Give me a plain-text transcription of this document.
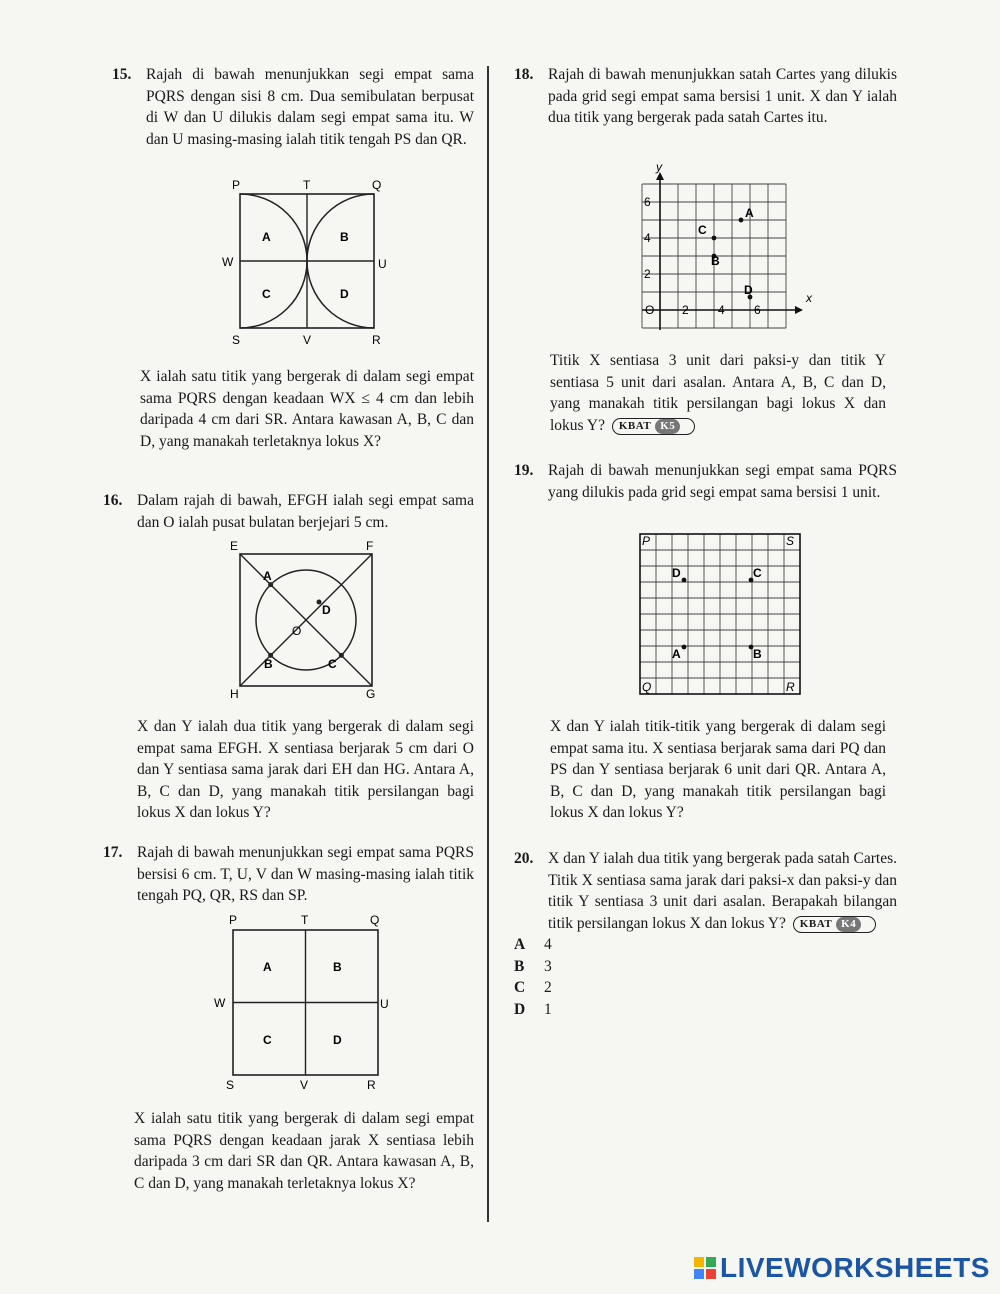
15. Rajah di bawah menunjukkan segi empat sama PQRS dengan sisi 8 cm. Dua semibulatan berpusat di W dan U dilukis dalam segi empat sama itu. W dan U masing-masing ialah titik tengah PS dan QR.
P	T	Q
W	U
S	V	R
A	B
C	D
X ialah satu titik yang bergerak di dalam segi empat sama PQRS dengan keadaan WX ≤ 4 cm dan lebih daripada 4 cm dari SR. Antara kawasan A, B, C dan D, yang manakah terletaknya lokus X?
16. Dalam rajah di bawah, EFGH ialah segi empat sama dan O ialah pusat bulatan berjejari 5 cm.
E	F
H	G
O
A
D
B	C
X dan Y ialah dua titik yang bergerak di dalam segi empat sama EFGH. X sentiasa berjarak 5 cm dari O dan Y sentiasa sama jarak dari EH dan HG. Antara A, B, C dan D, yang manakah titik persilangan bagi lokus X dan lokus Y?
17. Rajah di bawah menunjukkan segi empat sama PQRS bersisi 6 cm. T, U, V dan W masing-masing ialah titik tengah PQ, QR, RS dan SP.
P	T	Q
W	U
S	V	R
A	B
C	D
X ialah satu titik yang bergerak di dalam segi empat sama PQRS dengan keadaan jarak X sentiasa lebih daripada 3 cm dari SR dan QR. Antara kawasan A, B, C dan D, yang manakah terletaknya lokus X?
18. Rajah di bawah menunjukkan satah Cartes yang dilukis pada grid segi empat sama bersisi 1 unit. X dan Y ialah dua titik yang bergerak pada satah Cartes itu.
y
x
O 2 4 6
2
4
6
A
C
B
D
Titik X sentiasa 3 unit dari paksi-y dan titik Y sentiasa 5 unit dari asalan. Antara A, B, C dan D, yang manakah titik persilangan bagi lokus X dan lokus Y? KBAT K5
19. Rajah di bawah menunjukkan segi empat sama PQRS yang dilukis pada grid segi empat sama bersisi 1 unit.
P	S
Q	R
D	C
A	B
X dan Y ialah titik-titik yang bergerak di dalam segi empat sama itu. X sentiasa berjarak sama dari PQ dan PS dan Y sentiasa berjarak 6 unit dari QR. Antara A, B, C dan D, yang manakah titik persilangan bagi lokus X dan lokus Y?
20. X dan Y ialah dua titik yang bergerak pada satah Cartes. Titik X sentiasa sama jarak dari paksi-x dan paksi-y dan titik Y sentiasa 3 unit dari asalan. Berapakah bilangan titik persilangan lokus X dan lokus Y? KBAT K4
A 4
B 3
C 2
D 1
LIVEWORKSHEETS
